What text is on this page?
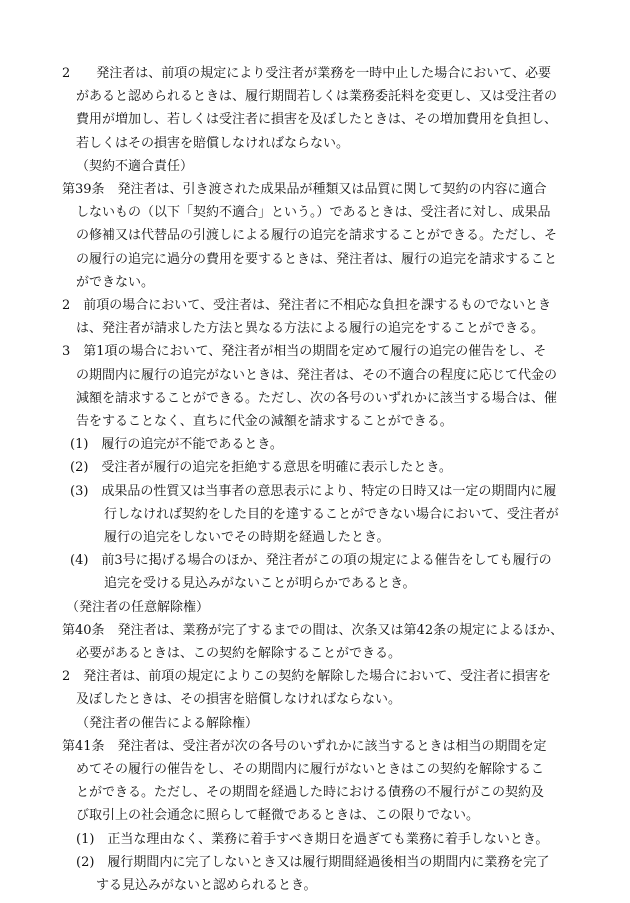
2　　発注者は、前項の規定により受注者が業務を一時中止した場合において、必要
があると認められるときは、履行期間若しくは業務委託料を変更し、又は受注者の
費用が増加し、若しくは受注者に損害を及ぼしたときは、その増加費用を負担し、
若しくはその損害を賠償しなければならない。
（契約不適合責任）
第39条　発注者は、引き渡された成果品が種類又は品質に関して契約の内容に適合
しないもの（以下「契約不適合」という。）であるときは、受注者に対し、成果品
の修補又は代替品の引渡しによる履行の追完を請求することができる。ただし、そ
の履行の追完に過分の費用を要するときは、発注者は、履行の追完を請求すること
ができない。
2　前項の場合において、受注者は、発注者に不相応な負担を課するものでないとき
は、発注者が請求した方法と異なる方法による履行の追完をすることができる。
3　第1項の場合において、発注者が相当の期間を定めて履行の追完の催告をし、そ
の期間内に履行の追完がないときは、発注者は、その不適合の程度に応じて代金の
減額を請求することができる。ただし、次の各号のいずれかに該当する場合は、催
告をすることなく、直ちに代金の減額を請求することができる。
(1)　履行の追完が不能であるとき。
(2)　受注者が履行の追完を拒絶する意思を明確に表示したとき。
(3)　成果品の性質又は当事者の意思表示により、特定の日時又は一定の期間内に履
行しなければ契約をした目的を達することができない場合において、受注者が
履行の追完をしないでその時期を経過したとき。
(4)　前3号に掲げる場合のほか、発注者がこの項の規定による催告をしても履行の
追完を受ける見込みがないことが明らかであるとき。
（発注者の任意解除権）
第40条　発注者は、業務が完了するまでの間は、次条又は第42条の規定によるほか、
必要があるときは、この契約を解除することができる。
2　発注者は、前項の規定によりこの契約を解除した場合において、受注者に損害を
及ぼしたときは、その損害を賠償しなければならない。
（発注者の催告による解除権）
第41条　発注者は、受注者が次の各号のいずれかに該当するときは相当の期間を定
めてその履行の催告をし、その期間内に履行がないときはこの契約を解除するこ
とができる。ただし、その期間を経過した時における債務の不履行がこの契約及
び取引上の社会通念に照らして軽微であるときは、この限りでない。
(1)　正当な理由なく、業務に着手すべき期日を過ぎても業務に着手しないとき。
(2)　履行期間内に完了しないとき又は履行期間経過後相当の期間内に業務を完了
する見込みがないと認められるとき。
